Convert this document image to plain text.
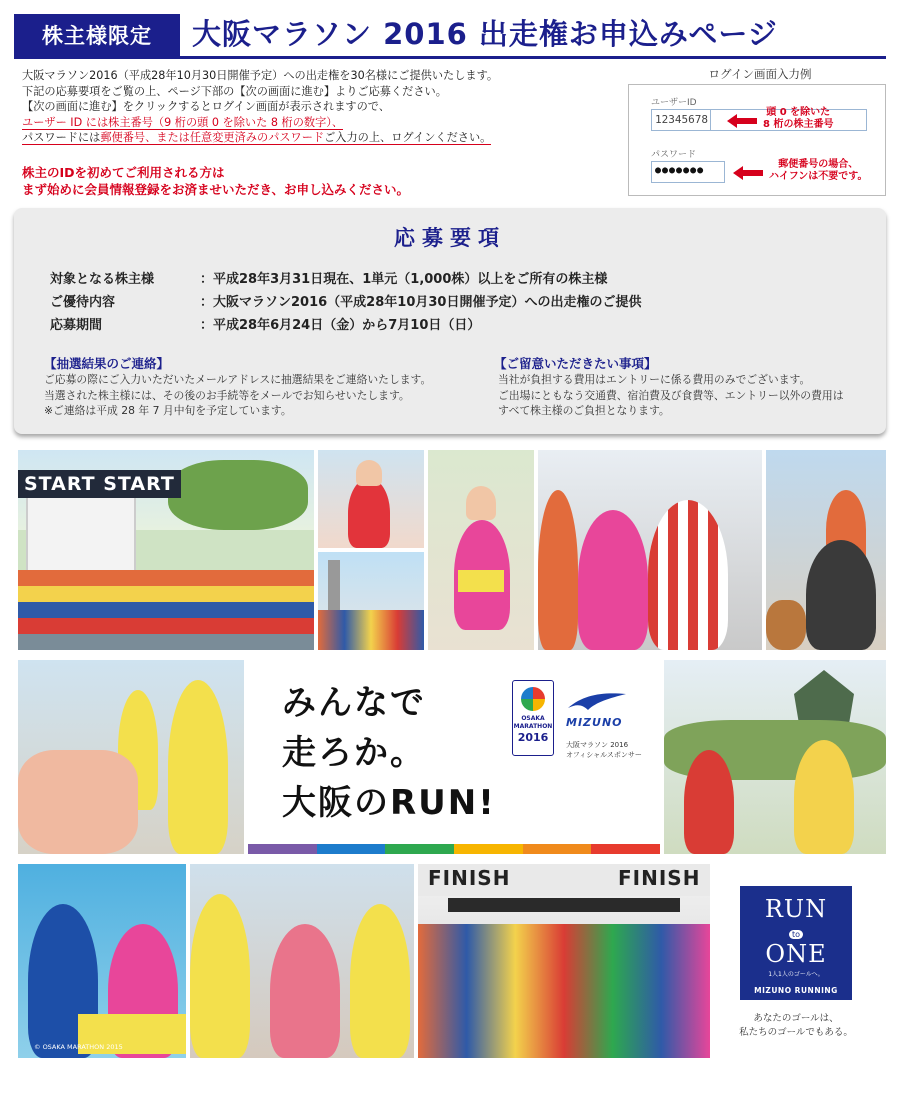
株主様限定	大阪マラソン 2016 出走権お申込みページ

大阪マラソン2016（平成28年10月30日開催予定）への出走権を30名様にご提供いたします。

下記の応募要項をご覧の上、ページ下部の【次の画面に進む】よりご応募ください。

【次の画面に進む】をクリックするとログイン画面が表示されますので、

ユーザー ID には株主番号（9 桁の頭 0 を除いた 8 桁の数字）、

パスワードには郵便番号、または任意変更済みのパスワードご入力の上、ログインください。

株主のIDを初めてご利用される方は

まず始めに会員情報登録をお済ませいただき、お申し込みください。

ログイン画面入力例
ユーザーID
12345678
頭 0 を除いた
8 桁の株主番号
パスワード
●●●●●●●
郵便番号の場合、
ハイフンは不要です。
応募要項
対象となる株主様	：平成28年3月31日現在、1単元（1,000株）以上をご所有の株主様
ご優待内容	：大阪マラソン2016（平成28年10月30日開催予定）への出走権のご提供
応募期間	：平成28年6月24日（金）から7月10日（日）
【抽選結果のご連絡】

ご応募の際にご入力いただいたメールアドレスに抽選結果をご連絡いたします。

当選された株主様には、その後のお手続等をメールでお知らせいたします。

※ご連絡は平成 28 年 7 月中旬を予定しています。

【ご留意いただきたい事項】

当社が負担する費用はエントリーに係る費用のみでございます。

ご出場にともなう交通費、宿泊費及び食費等、エントリー以外の費用は

すべて株主様のご負担となります。

START START

みんなで

走ろか。

大阪のRUN!

OSAKA
MARATHON
2016
MIZUNO
大阪マラソン 2016
オフィシャルスポンサー
© OSAKA MARATHON 2015
FINISH	FINISH
RUN
to
ONE
1人1人のゴールへ。
MIZUNO RUNNING
あなたのゴールは、
私たちのゴールでもある。
